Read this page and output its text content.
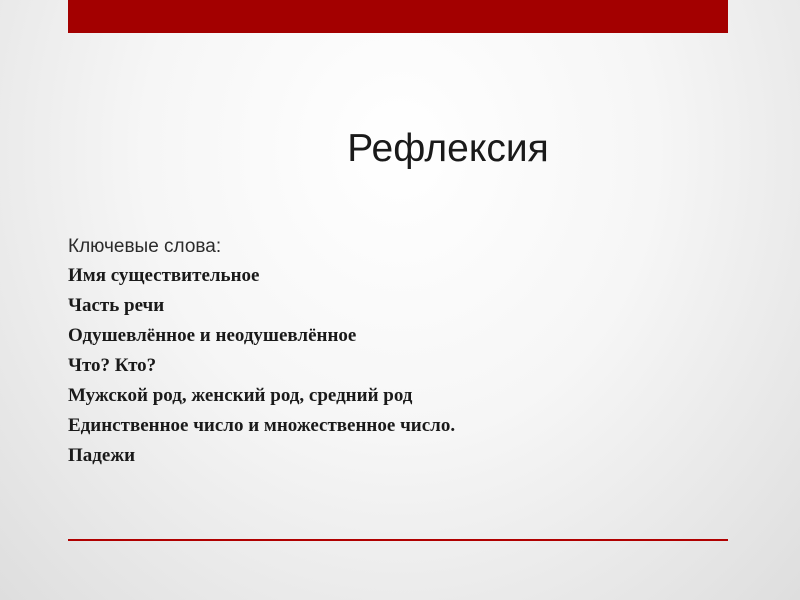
Рефлексия
Ключевые слова:
Имя существительное
Часть речи
Одушевлённое и неодушевлённое
Что? Кто?
Мужской род, женский род, средний род
Единственное число и множественное число.
Падежи
